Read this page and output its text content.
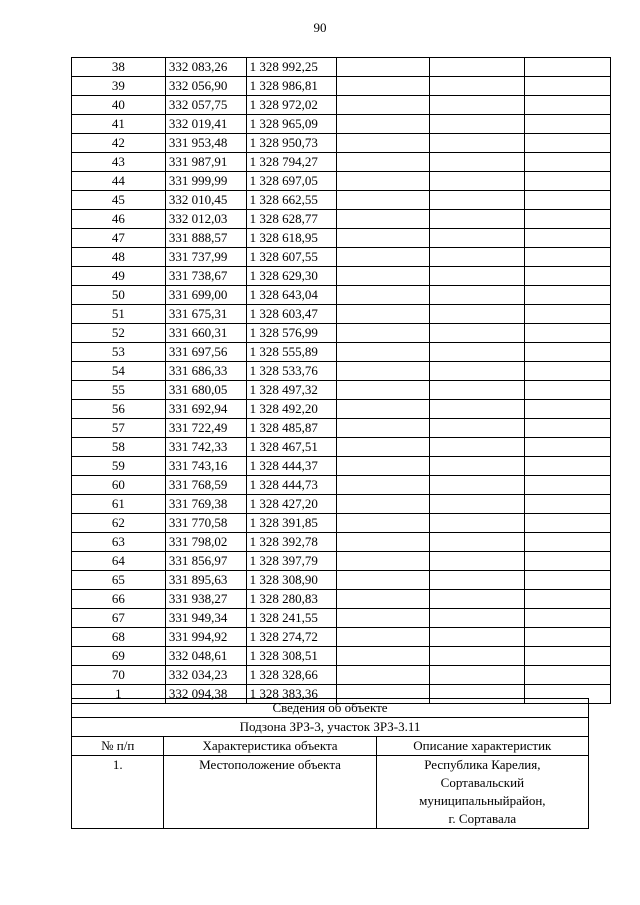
90
38	332 083,26	1 328 992,25			
39	332 056,90	1 328 986,81			
40	332 057,75	1 328 972,02			
41	332 019,41	1 328 965,09			
42	331 953,48	1 328 950,73			
43	331 987,91	1 328 794,27			
44	331 999,99	1 328 697,05			
45	332 010,45	1 328 662,55			
46	332 012,03	1 328 628,77			
47	331 888,57	1 328 618,95			
48	331 737,99	1 328 607,55			
49	331 738,67	1 328 629,30			
50	331 699,00	1 328 643,04			
51	331 675,31	1 328 603,47			
52	331 660,31	1 328 576,99			
53	331 697,56	1 328 555,89			
54	331 686,33	1 328 533,76			
55	331 680,05	1 328 497,32			
56	331 692,94	1 328 492,20			
57	331 722,49	1 328 485,87			
58	331 742,33	1 328 467,51			
59	331 743,16	1 328 444,37			
60	331 768,59	1 328 444,73			
61	331 769,38	1 328 427,20			
62	331 770,58	1 328 391,85			
63	331 798,02	1 328 392,78			
64	331 856,97	1 328 397,79			
65	331 895,63	1 328 308,90			
66	331 938,27	1 328 280,83			
67	331 949,34	1 328 241,55			
68	331 994,92	1 328 274,72			
69	332 048,61	1 328 308,51			
70	332 034,23	1 328 328,66			
1	332 094,38	1 328 383,36			
Сведения об объекте		
Подзона ЗРЗ-3, участок ЗРЗ-3.11		
№ п/п	Характеристика объекта	Описание характеристик
1.	Местоположение объекта	Республика Карелия,
Сортавальский
муниципальныйрайон,
г. Сортавала
